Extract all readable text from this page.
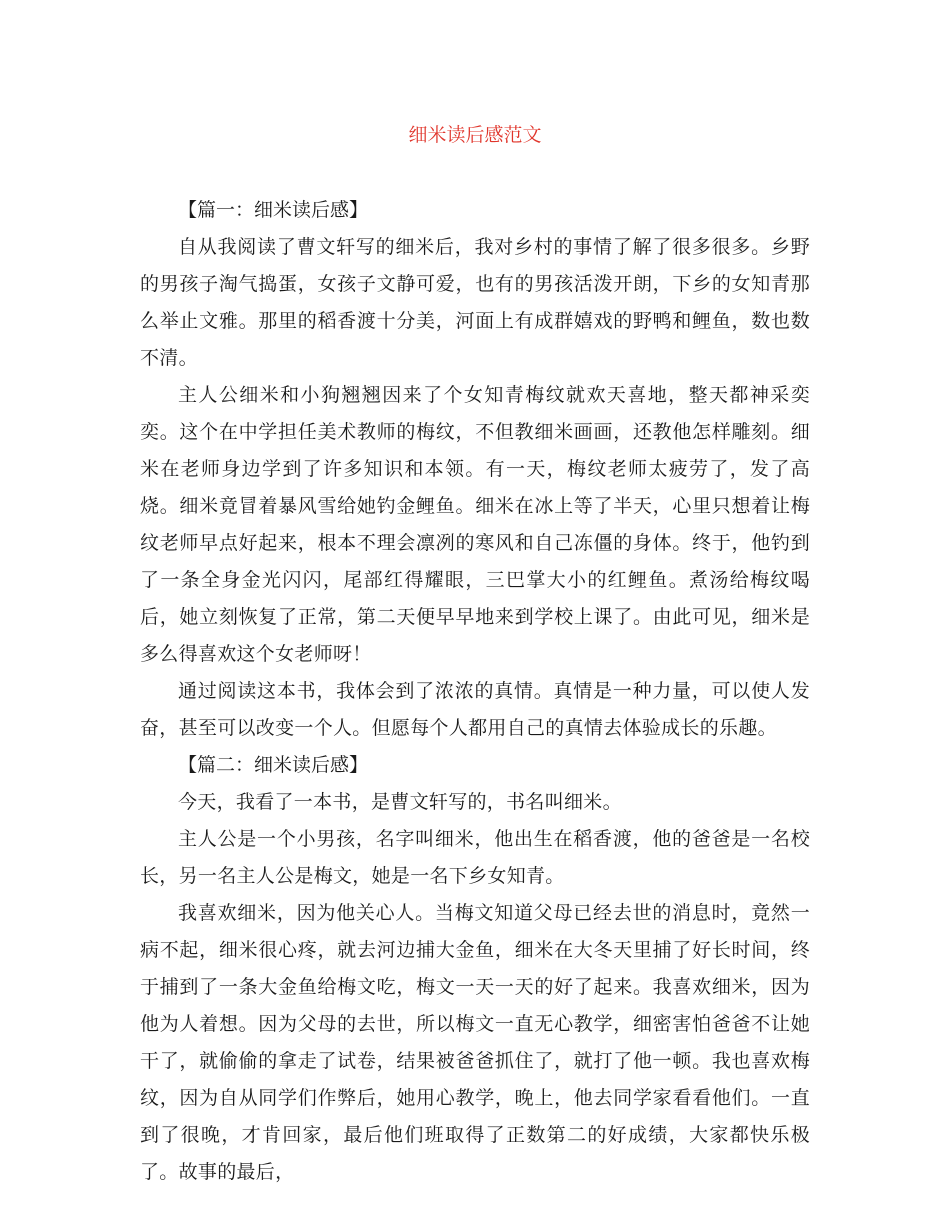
细米读后感范文

【篇一：细米读后感】

自从我阅读了曹文轩写的细米后，我对乡村的事情了解了很多很多。乡野的男孩子淘气捣蛋，女孩子文静可爱，也有的男孩活泼开朗，下乡的女知青那么举止文雅。那里的稻香渡十分美，河面上有成群嬉戏的野鸭和鲤鱼，数也数不清。

主人公细米和小狗翘翘因来了个女知青梅纹就欢天喜地，整天都神采奕奕。这个在中学担任美术教师的梅纹，不但教细米画画，还教他怎样雕刻。细米在老师身边学到了许多知识和本领。有一天，梅纹老师太疲劳了，发了高烧。细米竟冒着暴风雪给她钓金鲤鱼。细米在冰上等了半天，心里只想着让梅纹老师早点好起来，根本不理会凛冽的寒风和自己冻僵的身体。终于，他钓到了一条全身金光闪闪，尾部红得耀眼，三巴掌大小的红鲤鱼。煮汤给梅纹喝后，她立刻恢复了正常，第二天便早早地来到学校上课了。由此可见，细米是多么得喜欢这个女老师呀！

通过阅读这本书，我体会到了浓浓的真情。真情是一种力量，可以使人发奋，甚至可以改变一个人。但愿每个人都用自己的真情去体验成长的乐趣。

【篇二：细米读后感】

今天，我看了一本书，是曹文轩写的，书名叫细米。

主人公是一个小男孩，名字叫细米，他出生在稻香渡，他的爸爸是一名校长，另一名主人公是梅文，她是一名下乡女知青。

我喜欢细米，因为他关心人。当梅文知道父母已经去世的消息时，竟然一病不起，细米很心疼，就去河边捕大金鱼，细米在大冬天里捕了好长时间，终于捕到了一条大金鱼给梅文吃，梅文一天一天的好了起来。我喜欢细米，因为他为人着想。因为父母的去世，所以梅文一直无心教学，细密害怕爸爸不让她干了，就偷偷的拿走了试卷，结果被爸爸抓住了，就打了他一顿。我也喜欢梅纹，因为自从同学们作弊后，她用心教学，晚上，他去同学家看看他们。一直到了很晚，才肯回家，最后他们班取得了正数第二的好成绩，大家都快乐极了。故事的最后，
